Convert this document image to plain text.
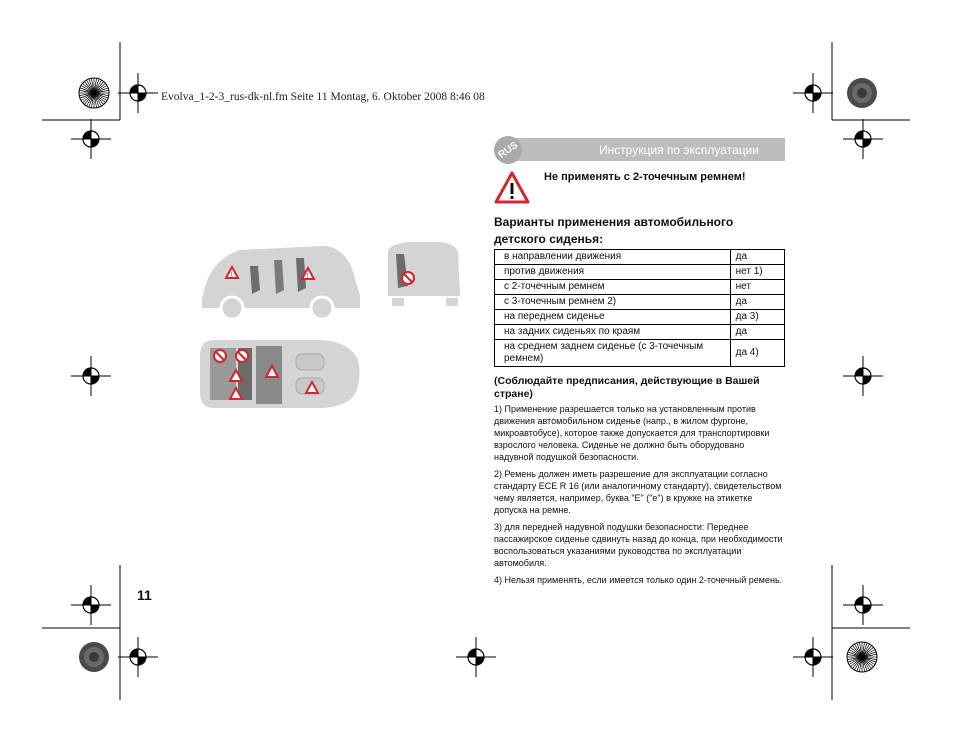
Evolva_1-2-3_rus-dk-nl.fm Seite 11 Montag, 6. Oktober 2008 8:46 08
!	!
Инструкция по эксплуатации
RUS
Не применять с 2-точечным ремнем!
Варианты применения автомобильного детского сиденья:
в направлении движения	да
против движения	нет 1)
с 2-точечным ремнем	нет
с 3-точечным ремнем 2)	да
на переднем сиденье	да 3)
на задних сиденьях по краям	да
на среднем заднем сиденье (с 3-точечным ремнем)	да 4)
(Соблюдайте предписания, действующие в Вашей стране)

1) Применение разрешается только на установленным против движения автомобильном сиденье (напр., в жилом фургоне, микроавтобусе), которое также допускается для транспортировки взрослого человека. Сиденье не должно быть оборудовано надувной подушкой безопасности.

2) Ремень должен иметь разрешение для эксплуатации согласно стандарту ECE R 16 (или аналогичному стандарту), свидетельством чему является, например, буква "E" ("e") в кружке на этикетке допуска на ремне.

3) для передней надувной подушки безопасности: Переднее пассажирское сиденье сдвинуть назад до конца, при необходимости воспользоваться указаниями руководства по эксплуатации автомобиля.

4) Нельзя применять, если имеется только один 2-точечный ремень.

11
